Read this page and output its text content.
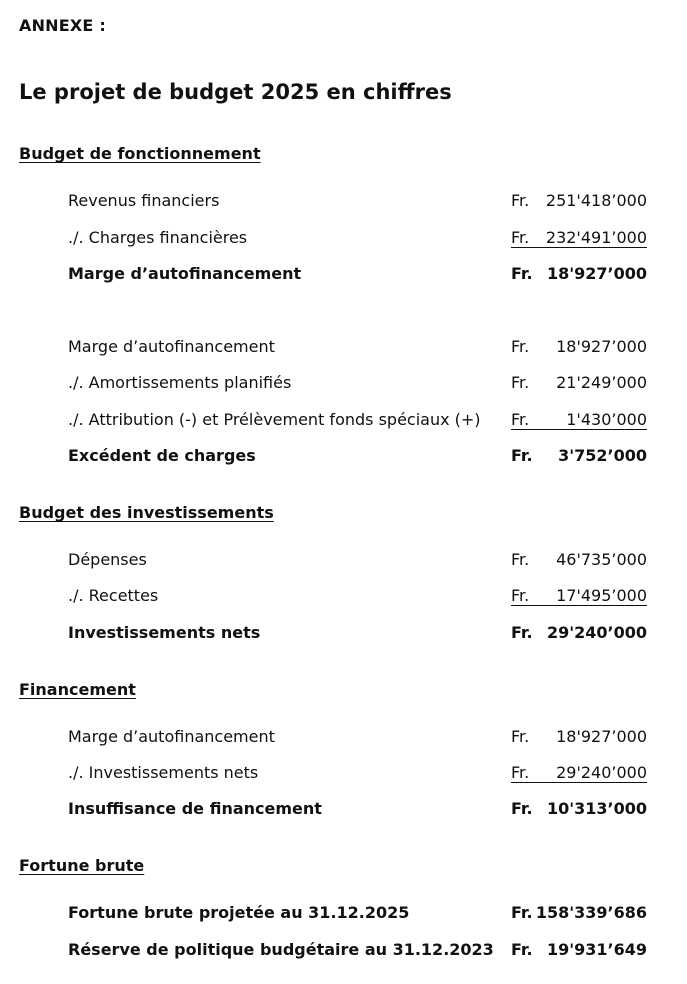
ANNEXE :
Le projet de budget 2025 en chiffres
Budget de fonctionnement
Revenus financiers	Fr. 251'418’000
./. Charges financières	Fr. 232'491’000
Marge d’autofinancement	Fr. 18'927’000
Marge d’autofinancement	Fr. 18'927’000
./. Amortissements planifiés	Fr. 21'249’000
./. Attribution (-) et Prélèvement fonds spéciaux (+) Fr. 1'430’000
Excédent de charges	Fr. 3'752’000
Budget des investissements
Dépenses	Fr. 46'735’000
./. Recettes	Fr. 17'495’000
Investissements nets	Fr. 29'240’000
Financement
Marge d’autofinancement	Fr. 18'927’000
./. Investissements nets	Fr. 29'240’000
Insuffisance de financement	Fr. 10'313’000
Fortune brute
Fortune brute projetée au 31.12.2025	Fr. 158'339’686
Réserve de politique budgétaire au 31.12.2023 Fr. 19'931’649
